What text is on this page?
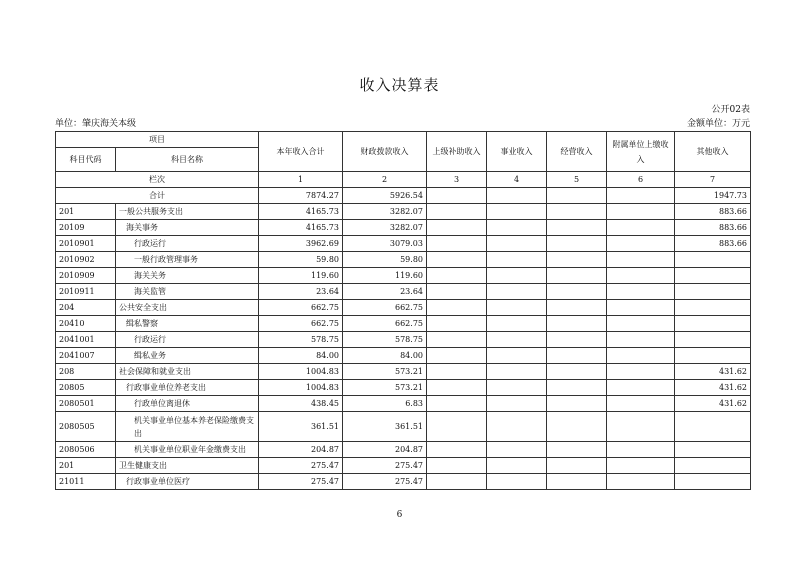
收入决算表
公开02表
单位：肇庆海关本级	金额单位：万元
项目		本年收入合计	财政拨款收入	上级补助收入	事业收入	经营收入	附属单位上缴收入	其他收入
科目代码	科目名称							
栏次		1	2	3	4	5	6	7
合计		7874.27	5926.54					1947.73
201	一般公共服务支出	4165.73	3282.07					883.66
20109	海关事务	4165.73	3282.07					883.66
2010901	行政运行	3962.69	3079.03					883.66
2010902	一般行政管理事务	59.80	59.80					
2010909	海关关务	119.60	119.60					
2010911	海关监管	23.64	23.64					
204	公共安全支出	662.75	662.75					
20410	缉私警察	662.75	662.75					
2041001	行政运行	578.75	578.75					
2041007	缉私业务	84.00	84.00					
208	社会保障和就业支出	1004.83	573.21					431.62
20805	行政事业单位养老支出	1004.83	573.21					431.62
2080501	行政单位离退休	438.45	6.83					431.62
2080505	机关事业单位基本养老保险缴费支出	361.51	361.51					
2080506	机关事业单位职业年金缴费支出	204.87	204.87					
201	卫生健康支出	275.47	275.47					
21011	行政事业单位医疗	275.47	275.47					
6
